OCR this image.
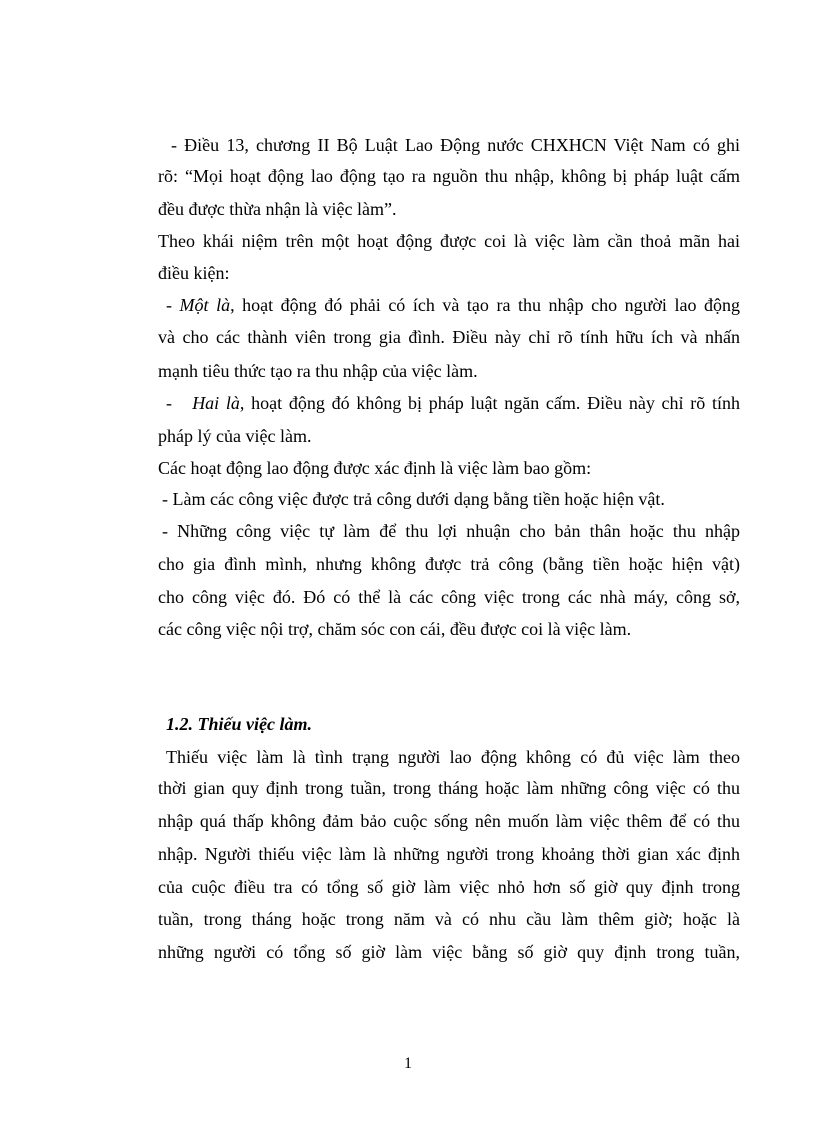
- Điều 13, chương II Bộ Luật Lao Động nước CHXHCN Việt Nam có ghi
rõ: “Mọi hoạt động lao động tạo ra nguồn thu nhập, không bị pháp luật cấm
đều được thừa nhận là việc làm”.
Theo khái niệm trên một hoạt động được coi là việc làm cần thoả mãn hai
điều kiện:
- Một là, hoạt động đó phải có ích và tạo ra thu nhập cho người lao động
và cho các thành viên trong gia đình. Điều này chỉ rõ tính hữu ích và nhấn
mạnh tiêu thức tạo ra thu nhập của việc làm.
-   Hai là, hoạt động đó không bị pháp luật ngăn cấm. Điều này chỉ rõ tính
pháp lý của việc làm.
Các hoạt động lao động được xác định là việc làm bao gồm:
- Làm các công việc được trả công dưới dạng bằng tiền hoặc hiện vật.
- Những công việc tự làm để thu lợi nhuận cho bản thân hoặc thu nhập
cho gia đình mình, nhưng không được trả công (bằng tiền hoặc hiện vật)
cho công việc đó. Đó có thể là các công việc trong các nhà máy, công sở,
các công việc nội trợ, chăm sóc con cái, đều được coi là việc làm.
1.2. Thiếu việc làm.
Thiếu việc làm là tình trạng người lao động không có đủ việc làm theo
thời gian quy định trong tuần, trong tháng hoặc làm những công việc có thu
nhập quá thấp không đảm bảo cuộc sống nên muốn làm việc thêm để có thu
nhập. Người thiếu việc làm là những người trong khoảng thời gian xác định
của cuộc điều tra có tổng số giờ làm việc nhỏ hơn số giờ quy định trong
tuần, trong tháng hoặc trong năm và có nhu cầu làm thêm giờ; hoặc là
những người có tổng số giờ làm việc bằng số giờ quy định trong tuần,
1
